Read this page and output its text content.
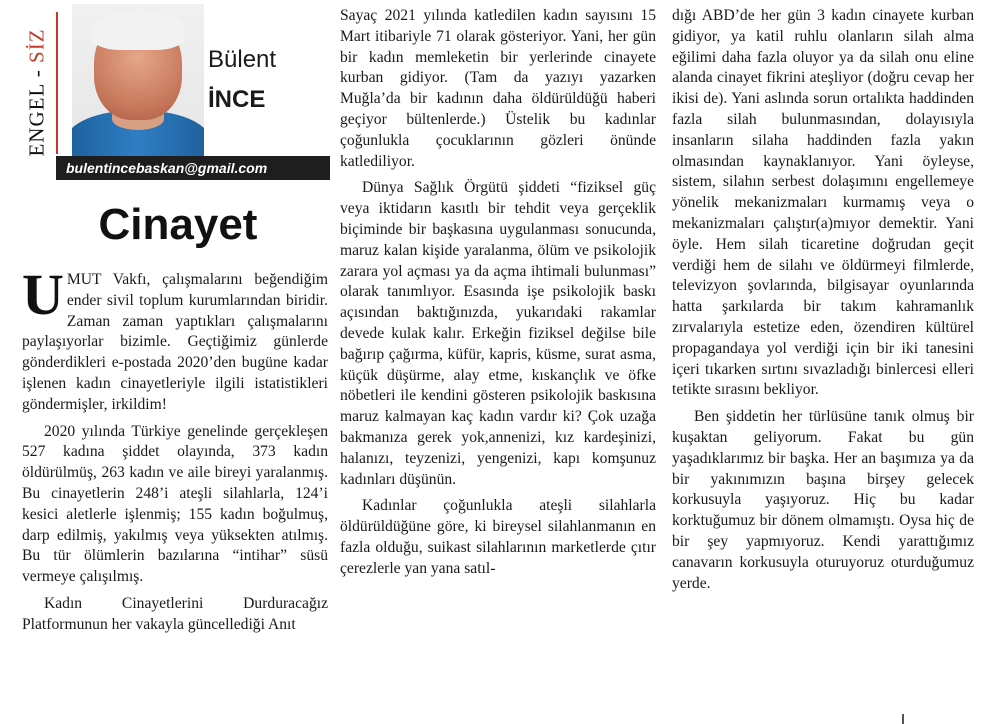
ENGEL - SİZ	Bülent
İNCE
bulentincebaskan@gmail.com
Cinayet

UMUT Vakfı, çalışmalarını beğendiğim ender sivil toplum kurumlarından biridir. Zaman zaman yaptıkları çalışmalarını paylaşıyorlar bizimle. Geçtiğimiz günlerde gönderdikleri e-postada 2020’den bugüne kadar işlenen kadın cinayetleriyle ilgili istatistikleri göndermişler, irkildim!

2020 yılında Türkiye genelinde gerçekleşen 527 kadına şiddet olayında, 373 kadın öldürülmüş, 263 kadın ve aile bireyi yaralanmış. Bu cinayetlerin 248’i ateşli silahlarla, 124’i kesici aletlerle işlenmiş; 155 kadın boğulmuş, darp edilmiş, yakılmış veya yüksekten atılmış. Bu tür ölümlerin bazılarına “intihar” süsü vermeye çalışılmış.

Kadın Cinayetlerini Durduracağız Platformunun her vakayla güncellediği Anıt

Sayaç 2021 yılında katledilen kadın sayısını 15 Mart itibariyle 71 olarak gösteriyor. Yani, her gün bir kadın memleketin bir yerlerinde cinayete kurban gidiyor. (Tam da yazıyı yazarken Muğla’da bir kadının daha öldürüldüğü haberi geçiyor bültenlerde.) Üstelik bu kadınlar çoğunlukla çocuklarının gözleri önünde katlediliyor.

Dünya Sağlık Örgütü şiddeti “fiziksel güç veya iktidarın kasıtlı bir tehdit veya gerçeklik biçiminde bir başkasına uygulanması sonucunda, maruz kalan kişide yaralanma, ölüm ve psikolojik zarara yol açması ya da açma ihtimali bulunması” olarak tanımlıyor. Esasında işe psikolojik baskı açısından baktığınızda, yukarıdaki rakamlar devede kulak kalır. Erkeğin fiziksel değilse bile bağırıp çağırma, küfür, kapris, küsme, surat asma, küçük düşürme, alay etme, kıskançlık ve öfke nöbetleri ile kendini gösteren psikolojik baskısına maruz kalmayan kaç kadın vardır ki? Çok uzağa bakmanıza gerek yok,annenizi, kız kardeşinizi, halanızı, teyzenizi, yengenizi, kapı komşunuz kadınları düşünün.

Kadınlar çoğunlukla ateşli silahlarla öldürüldüğüne göre, ki bireysel silahlanmanın en fazla olduğu, suikast silahlarının marketlerde çıtır çerezlerle yan yana satıl-

dığı ABD’de her gün 3 kadın cinayete kurban gidiyor, ya katil ruhlu olanların silah alma eğilimi daha fazla oluyor ya da silah onu eline alanda cinayet fikrini ateşliyor (doğru cevap her ikisi de). Yani aslında sorun ortalıkta haddinden fazla silah bulunmasından, dolayısıyla insanların silaha haddinden fazla yakın olmasından kaynaklanıyor. Yani öyleyse, sistem, silahın serbest dolaşımını engellemeye yönelik mekanizmaları kurmamış veya o mekanizmaları çalıştır(a)mıyor demektir. Yani öyle. Hem silah ticaretine doğrudan geçit verdiği hem de silahı ve öldürmeyi filmlerde, televizyon şovlarında, bilgisayar oyunlarında hatta şarkılarda bir takım kahramanlık zırvalarıyla estetize eden, özendiren kültürel propagandaya yol verdiği için bir iki tanesini içeri tıkarken sırtını sıvazladığı binlercesi elleri tetikte sırasını bekliyor.

Ben şiddetin her türlüsüne tanık olmuş bir kuşaktan geliyorum. Fakat bu gün yaşadıklarımız bir başka. Her an başımıza ya da bir yakınımızın başına birşey gelecek korkusuyla yaşıyoruz. Hiç bu kadar korktuğumuz bir dönem olmamıştı. Oysa hiç de bir şey yapmıyoruz. Kendi yarattığımız canavarın korkusuyla oturuyoruz oturduğumuz yerde.
